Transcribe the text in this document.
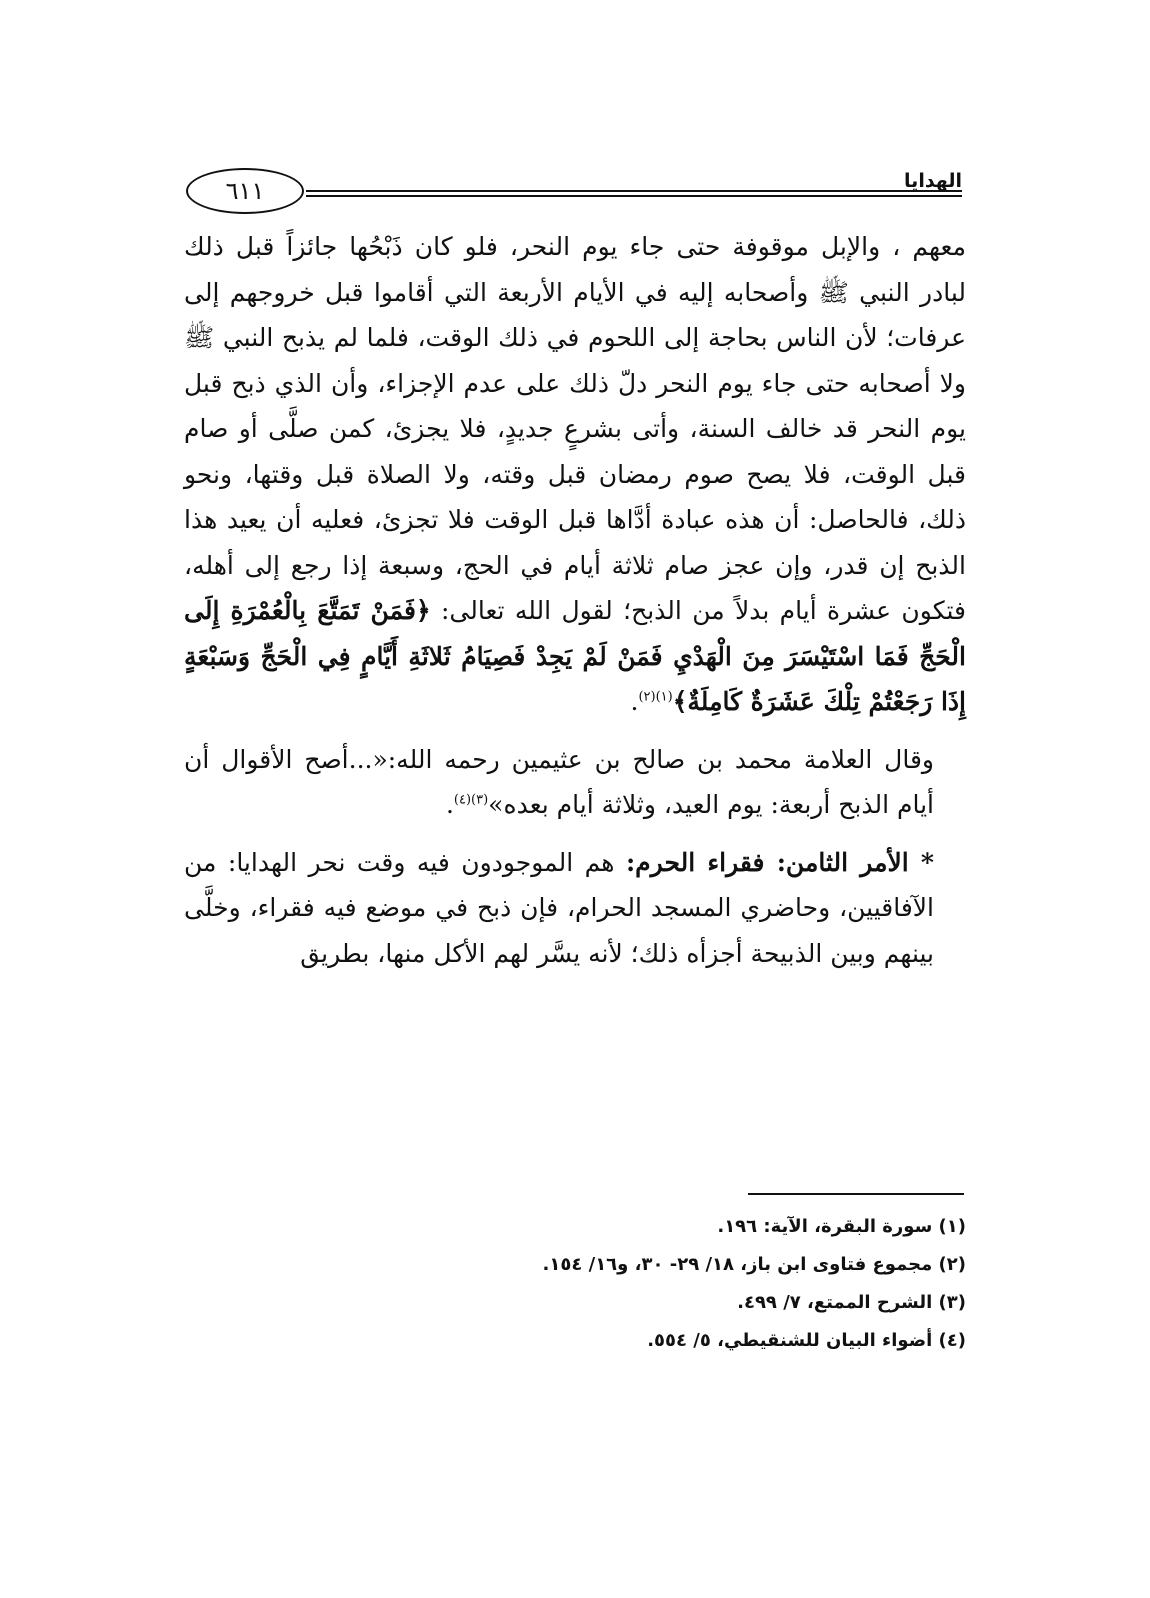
٦١١	الهدايا

معهم ، والإبل موقوفة حتى جاء يوم النحر، فلو كان ذَبْحُها جائزاً قبل ذلك لبادر النبي ﷺ وأصحابه إليه في الأيام الأربعة التي أقاموا قبل خروجهم إلى عرفات؛ لأن الناس بحاجة إلى اللحوم في ذلك الوقت، فلما لم يذبح النبي ﷺ ولا أصحابه حتى جاء يوم النحر دلّ ذلك على عدم الإجزاء، وأن الذي ذبح قبل يوم النحر قد خالف السنة، وأتى بشرعٍ جديدٍ، فلا يجزئ، كمن صلَّى أو صام قبل الوقت، فلا يصح صوم رمضان قبل وقته، ولا الصلاة قبل وقتها، ونحو ذلك، فالحاصل: أن هذه عبادة أدَّاها قبل الوقت فلا تجزئ، فعليه أن يعيد هذا الذبح إن قدر، وإن عجز صام ثلاثة أيام في الحج، وسبعة إذا رجع إلى أهله، فتكون عشرة أيام بدلاً من الذبح؛ لقول الله تعالى: ﴿فَمَنْ تَمَتَّعَ بِالْعُمْرَةِ إِلَى الْحَجِّ فَمَا اسْتَيْسَرَ مِنَ الْهَدْيِ فَمَنْ لَمْ يَجِدْ فَصِيَامُ ثَلاثَةِ أَيَّامٍ فِي الْحَجِّ وَسَبْعَةٍ إِذَا رَجَعْتُمْ تِلْكَ عَشَرَةٌ كَامِلَةٌ﴾$^{(١)(٢)}$.

وقال العلامة محمد بن صالح بن عثيمين رحمه الله:«...أصح الأقوال أن أيام الذبح أربعة: يوم العيد، وثلاثة أيام بعده»$^{(٣)(٤)}$.

* الأمر الثامن: فقراء الحرم: هم الموجودون فيه وقت نحر الهدايا: من الآفاقيين، وحاضري المسجد الحرام، فإن ذبح في موضع فيه فقراء، وخلَّى بينهم وبين الذبيحة أجزأه ذلك؛ لأنه يسَّر لهم الأكل منها، بطريق

(١) سورة البقرة، الآية: ١٩٦.
(٢) مجموع فتاوى ابن باز، ١٨/ ٢٩- ٣٠، و١٦/ ١٥٤.
(٣) الشرح الممتع، ٧/ ٤٩٩.
(٤) أضواء البيان للشنقيطي، ٥/ ٥٥٤.
